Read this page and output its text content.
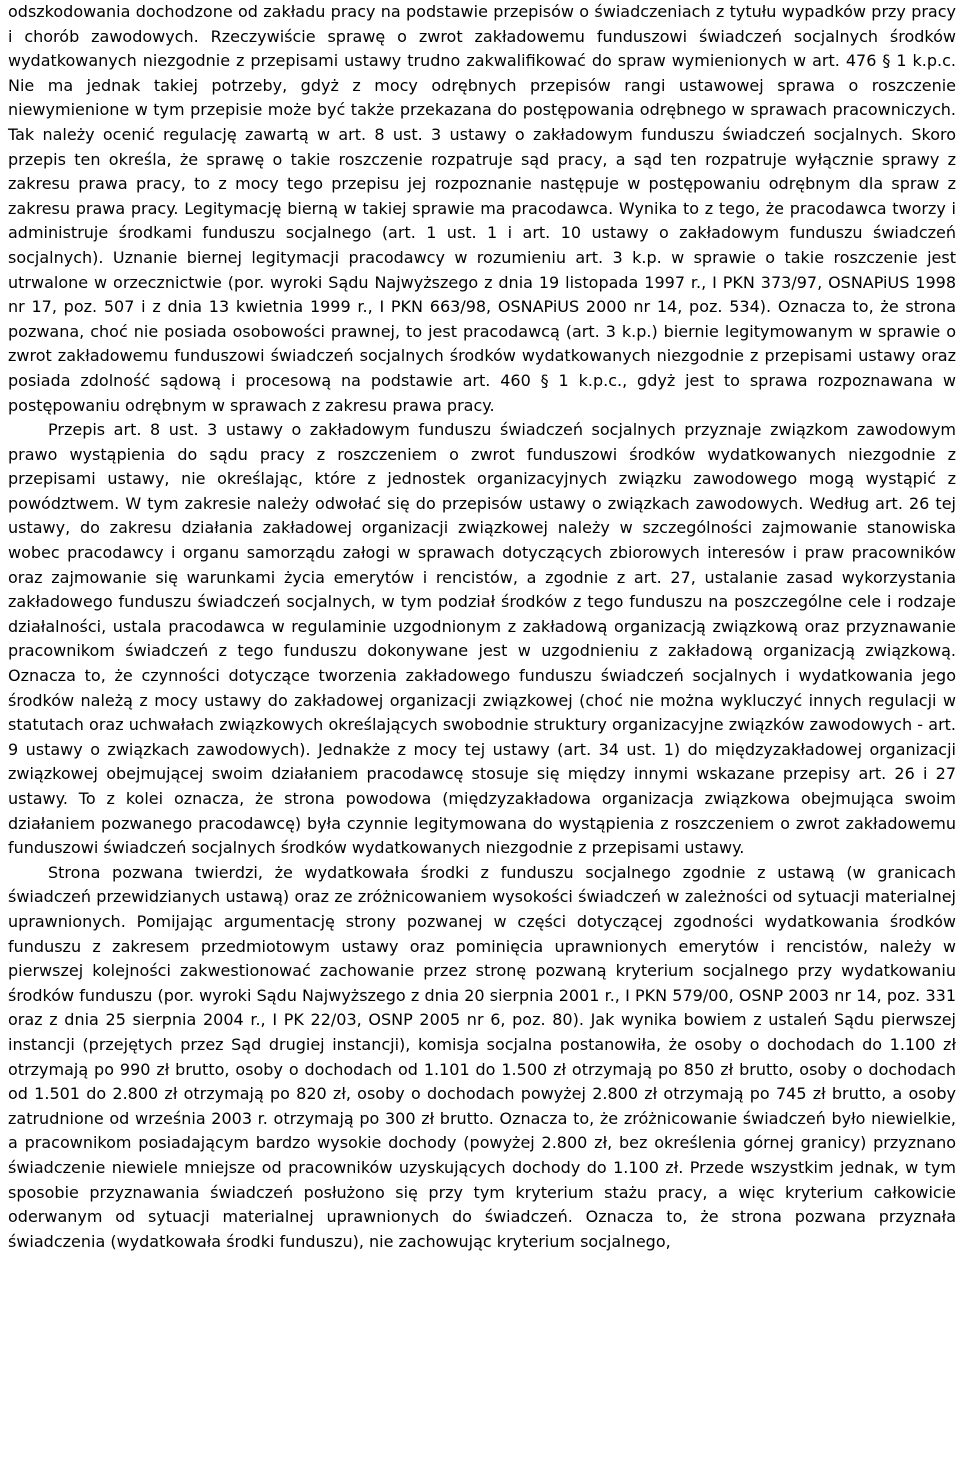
odszkodowania dochodzone od zakładu pracy na podstawie przepisów o świadczeniach z tytułu wypadków przy pracy i chorób zawodowych. Rzeczywiście sprawę o zwrot zakładowemu funduszowi świadczeń socjalnych środków wydatkowanych niezgodnie z przepisami ustawy trudno zakwalifikować do spraw wymienionych w art. 476 § 1 k.p.c. Nie ma jednak takiej potrzeby, gdyż z mocy odrębnych przepisów rangi ustawowej sprawa o roszczenie niewymienione w tym przepisie może być także przekazana do postępowania odrębnego w sprawach pracowniczych. Tak należy ocenić regulację zawartą w art. 8 ust. 3 ustawy o zakładowym funduszu świadczeń socjalnych. Skoro przepis ten określa, że sprawę o takie roszczenie rozpatruje sąd pracy, a sąd ten rozpatruje wyłącznie sprawy z zakresu prawa pracy, to z mocy tego przepisu jej rozpoznanie następuje w postępowaniu odrębnym dla spraw z zakresu prawa pracy. Legitymację bierną w takiej sprawie ma pracodawca. Wynika to z tego, że pracodawca tworzy i administruje środkami funduszu socjalnego (art. 1 ust. 1 i art. 10 ustawy o zakładowym funduszu świadczeń socjalnych). Uznanie biernej legitymacji pracodawcy w rozumieniu art. 3 k.p. w sprawie o takie roszczenie jest utrwalone w orzecznictwie (por. wyroki Sądu Najwyższego z dnia 19 listopada 1997 r., I PKN 373/97, OSNAPiUS 1998 nr 17, poz. 507 i z dnia 13 kwietnia 1999 r., I PKN 663/98, OSNAPiUS 2000 nr 14, poz. 534). Oznacza to, że strona pozwana, choć nie posiada osobowości prawnej, to jest pracodawcą (art. 3 k.p.) biernie legitymowanym w sprawie o zwrot zakładowemu funduszowi świadczeń socjalnych środków wydatkowanych niezgodnie z przepisami ustawy oraz posiada zdolność sądową i procesową na podstawie art. 460 § 1 k.p.c., gdyż jest to sprawa rozpoznawana w postępowaniu odrębnym w sprawach z zakresu prawa pracy.

Przepis art. 8 ust. 3 ustawy o zakładowym funduszu świadczeń socjalnych przyznaje związkom zawodowym prawo wystąpienia do sądu pracy z roszczeniem o zwrot funduszowi środków wydatkowanych niezgodnie z przepisami ustawy, nie określając, które z jednostek organizacyjnych związku zawodowego mogą wystąpić z powództwem. W tym zakresie należy odwołać się do przepisów ustawy o związkach zawodowych. Według art. 26 tej ustawy, do zakresu działania zakładowej organizacji związkowej należy w szczególności zajmowanie stanowiska wobec pracodawcy i organu samorządu załogi w sprawach dotyczących zbiorowych interesów i praw pracowników oraz zajmowanie się warunkami życia emerytów i rencistów, a zgodnie z art. 27, ustalanie zasad wykorzystania zakładowego funduszu świadczeń socjalnych, w tym podział środków z tego funduszu na poszczególne cele i rodzaje działalności, ustala pracodawca w regulaminie uzgodnionym z zakładową organizacją związkową oraz przyznawanie pracownikom świadczeń z tego funduszu dokonywane jest w uzgodnieniu z zakładową organizacją związkową. Oznacza to, że czynności dotyczące tworzenia zakładowego funduszu świadczeń socjalnych i wydatkowania jego środków należą z mocy ustawy do zakładowej organizacji związkowej (choć nie można wykluczyć innych regulacji w statutach oraz uchwałach związkowych określających swobodnie struktury organizacyjne związków zawodowych - art. 9 ustawy o związkach zawodowych). Jednakże z mocy tej ustawy (art. 34 ust. 1) do międzyzakładowej organizacji związkowej obejmującej swoim działaniem pracodawcę stosuje się między innymi wskazane przepisy art. 26 i 27 ustawy. To z kolei oznacza, że strona powodowa (międzyzakładowa organizacja związkowa obejmująca swoim działaniem pozwanego pracodawcę) była czynnie legitymowana do wystąpienia z roszczeniem o zwrot zakładowemu funduszowi świadczeń socjalnych środków wydatkowanych niezgodnie z przepisami ustawy.

Strona pozwana twierdzi, że wydatkowała środki z funduszu socjalnego zgodnie z ustawą (w granicach świadczeń przewidzianych ustawą) oraz ze zróżnicowaniem wysokości świadczeń w zależności od sytuacji materialnej uprawnionych. Pomijając argumentację strony pozwanej w części dotyczącej zgodności wydatkowania środków funduszu z zakresem przedmiotowym ustawy oraz pominięcia uprawnionych emerytów i rencistów, należy w pierwszej kolejności zakwestionować zachowanie przez stronę pozwaną kryterium socjalnego przy wydatkowaniu środków funduszu (por. wyroki Sądu Najwyższego z dnia 20 sierpnia 2001 r., I PKN 579/00, OSNP 2003 nr 14, poz. 331 oraz z dnia 25 sierpnia 2004 r., I PK 22/03, OSNP 2005 nr 6, poz. 80). Jak wynika bowiem z ustaleń Sądu pierwszej instancji (przejętych przez Sąd drugiej instancji), komisja socjalna postanowiła, że osoby o dochodach do 1.100 zł otrzymają po 990 zł brutto, osoby o dochodach od 1.101 do 1.500 zł otrzymają po 850 zł brutto, osoby o dochodach od 1.501 do 2.800 zł otrzymają po 820 zł, osoby o dochodach powyżej 2.800 zł otrzymają po 745 zł brutto, a osoby zatrudnione od września 2003 r. otrzymają po 300 zł brutto. Oznacza to, że zróżnicowanie świadczeń było niewielkie, a pracownikom posiadającym bardzo wysokie dochody (powyżej 2.800 zł, bez określenia górnej granicy) przyznano świadczenie niewiele mniejsze od pracowników uzyskujących dochody do 1.100 zł. Przede wszystkim jednak, w tym sposobie przyznawania świadczeń posłużono się przy tym kryterium stażu pracy, a więc kryterium całkowicie oderwanym od sytuacji materialnej uprawnionych do świadczeń. Oznacza to, że strona pozwana przyznała świadczenia (wydatkowała środki funduszu), nie zachowując kryterium socjalnego,
